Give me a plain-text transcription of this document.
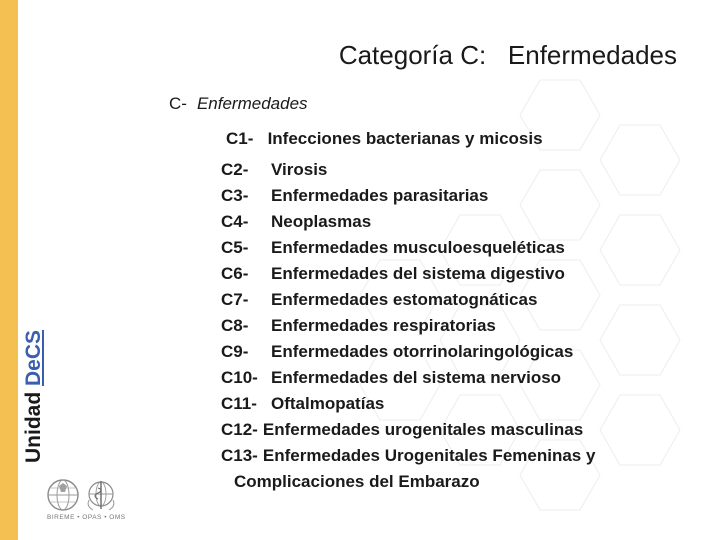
Unidad DeCS
Categoría C:   Enfermedades
C- Enfermedades
C1- Infecciones bacterianas y micosis
C2-	Virosis
C3-	Enfermedades parasitarias
C4-	Neoplasmas
C5-	Enfermedades musculoesqueléticas
C6-	Enfermedades del sistema digestivo
C7-	Enfermedades estomatognáticas
C8-	Enfermedades respiratorias
C9-	Enfermedades otorrinolaringológicas
C10- Enfermedades del sistema nervioso
C11- Oftalmopatías
C12- Enfermedades urogenitales masculinas
C13- Enfermedades Urogenitales Femeninas y
Complicaciones del Embarazo
BIREME • OPAS • OMS
